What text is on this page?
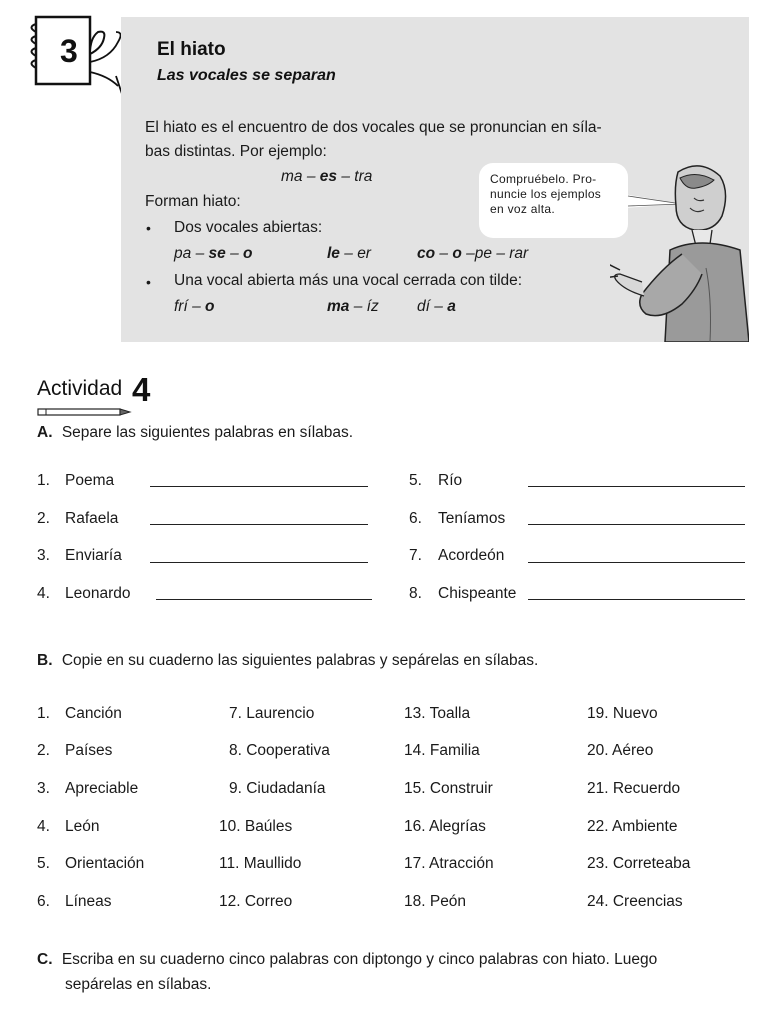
3	El hiato
Las vocales se separan
El hiato es el encuentro de dos vocales que se pronuncian en síla-
bas distintas. Por ejemplo:
ma – es – tra
Forman hiato:
• Dos vocales abiertas:
pa – se – o	le – er	co – o –pe – rar
• Una vocal abierta más una vocal cerrada con tilde:
frí – o	ma – íz dí – a
Compruébelo. Pro-
nuncie los ejemplos
en voz alta.
Actividad 4
A. Separe las siguientes palabras en sílabas.
1. Poema
2. Rafaela
3. Enviaría
4. Leonardo
5. Río
6. Teníamos
7. Acordeón
8. Chispeante
B. Copie en su cuaderno las siguientes palabras y sepárelas en sílabas.
1. Canción
2. Países
3. Apreciable
4. León
5. Orientación
6. Líneas
7. Laurencio
8. Cooperativa
9. Ciudadanía
10. Baúles
11. Maullido
12. Correo
13. Toalla
14. Familia
15. Construir
16. Alegrías
17. Atracción
18. Peón
19. Nuevo
20. Aéreo
21. Recuerdo
22. Ambiente
23. Correteaba
24. Creencias
C. Escriba en su cuaderno cinco palabras con diptongo y cinco palabras con hiato. Luego
sepárelas en sílabas.
